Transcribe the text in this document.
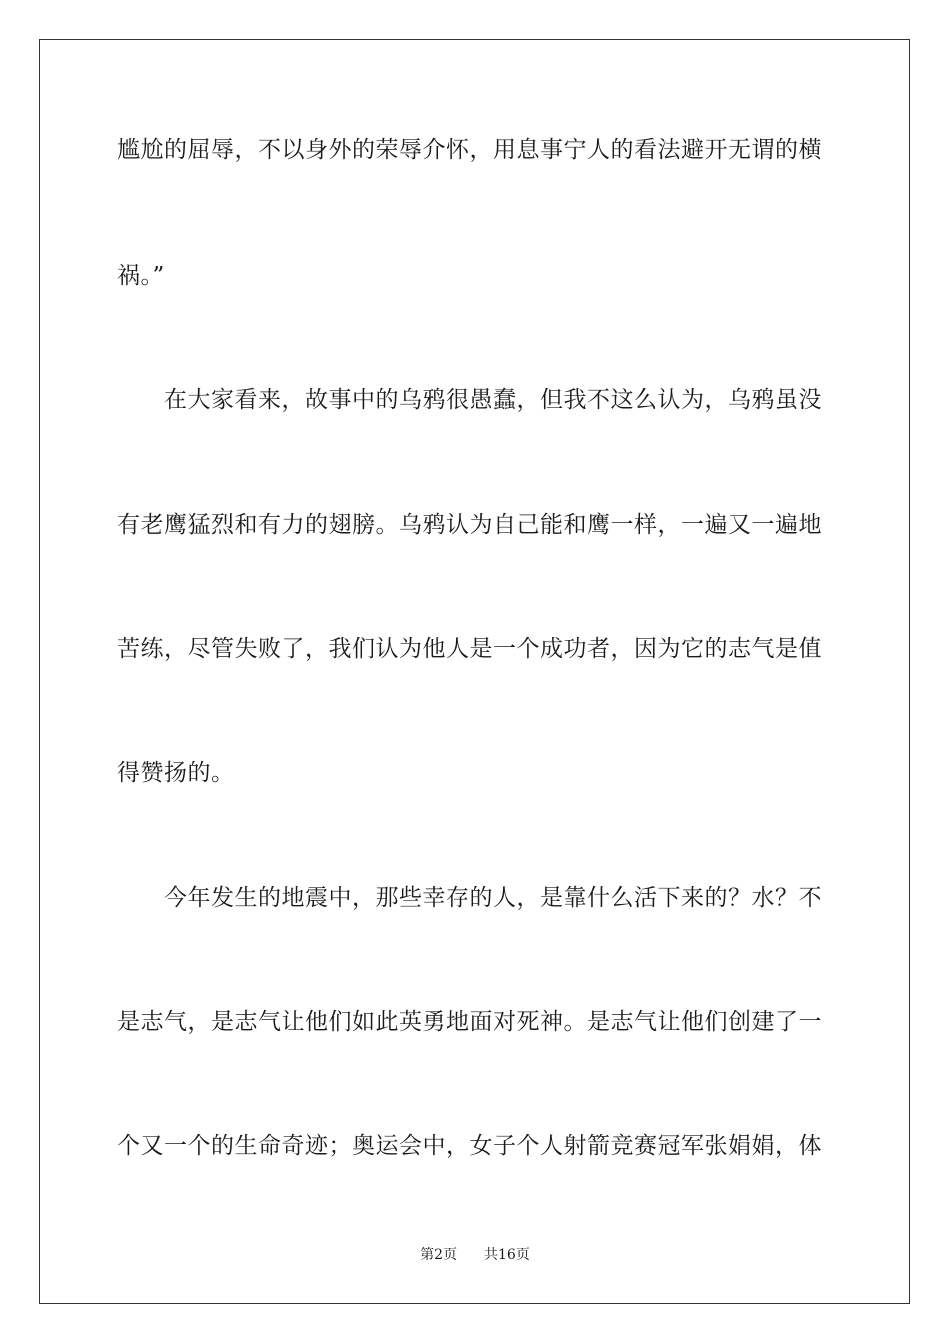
尴尬的屈辱，不以身外的荣辱介怀，用息事宁人的看法避开无谓的横
祸。”
在大家看来，故事中的乌鸦很愚蠢，但我不这么认为，乌鸦虽没
有老鹰猛烈和有力的翅膀。乌鸦认为自己能和鹰一样，一遍又一遍地
苦练，尽管失败了，我们认为他人是一个成功者，因为它的志气是值
得赞扬的。
今年发生的地震中，那些幸存的人，是靠什么活下来的？水？不
是志气，是志气让他们如此英勇地面对死神。是志气让他们创建了一
个又一个的生命奇迹；奥运会中，女子个人射箭竞赛冠军张娟娟，体
第2页 共16页
